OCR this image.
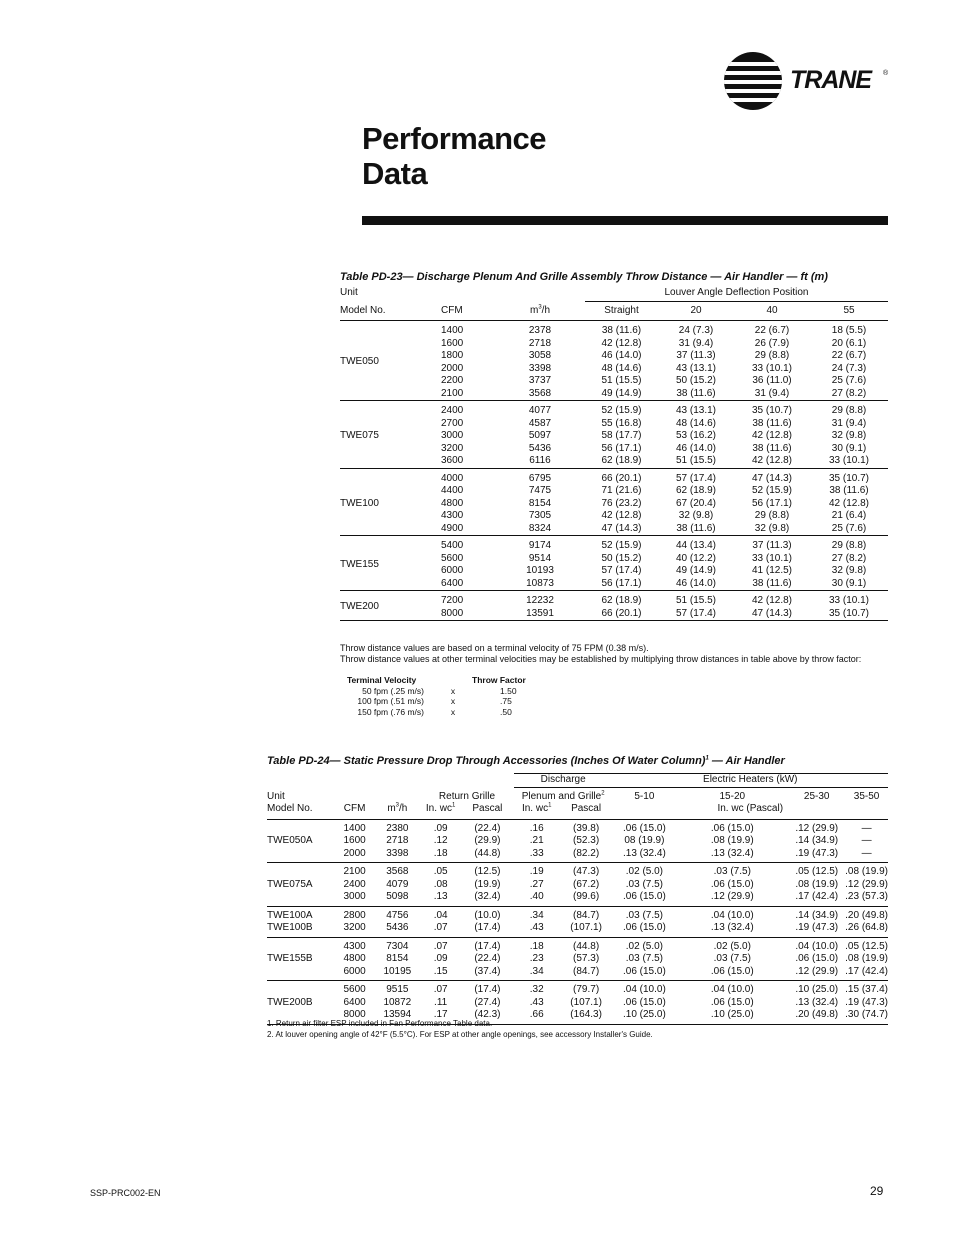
TRANE ®
Performance
Data
Table PD-23— Discharge Plenum And Grille Assembly Throw Distance — Air Handler — ft (m)
Unit			Louver Angle Deflection Position			
Model No.	CFM	$m^3/h$	Straight	20	40	55
TWE050	1400	2378	38 (11.6)	24 (7.3)	22 (6.7)	18 (5.5)
	1600	2718	42 (12.8)	31 (9.4)	26 (7.9)	20 (6.1)
	1800	3058	46 (14.0)	37 (11.3)	29 (8.8)	22 (6.7)
	2000	3398	48 (14.6)	43 (13.1)	33 (10.1)	24 (7.3)
	2200	3737	51 (15.5)	50 (15.2)	36 (11.0)	25 (7.6)
	2100	3568	49 (14.9)	38 (11.6)	31 (9.4)	27 (8.2)
TWE075	2400	4077	52 (15.9)	43 (13.1)	35 (10.7)	29 (8.8)
	2700	4587	55 (16.8)	48 (14.6)	38 (11.6)	31 (9.4)
	3000	5097	58 (17.7)	53 (16.2)	42 (12.8)	32 (9.8)
	3200	5436	56 (17.1)	46 (14.0)	38 (11.6)	30 (9.1)
	3600	6116	62 (18.9)	51 (15.5)	42 (12.8)	33 (10.1)
TWE100	4000	6795	66 (20.1)	57 (17.4)	47 (14.3)	35 (10.7)
	4400	7475	71 (21.6)	62 (18.9)	52 (15.9)	38 (11.6)
	4800	8154	76 (23.2)	67 (20.4)	56 (17.1)	42 (12.8)
	4300	7305	42 (12.8)	32 (9.8)	29 (8.8)	21 (6.4)
	4900	8324	47 (14.3)	38 (11.6)	32 (9.8)	25 (7.6)
TWE155	5400	9174	52 (15.9)	44 (13.4)	37 (11.3)	29 (8.8)
	5600	9514	50 (15.2)	40 (12.2)	33 (10.1)	27 (8.2)
	6000	10193	57 (17.4)	49 (14.9)	41 (12.5)	32 (9.8)
	6400	10873	56 (17.1)	46 (14.0)	38 (11.6)	30 (9.1)
TWE200	7200	12232	62 (18.9)	51 (15.5)	42 (12.8)	33 (10.1)
	8000	13591	66 (20.1)	57 (17.4)	47 (14.3)	35 (10.7)
Throw distance values are based on a terminal velocity of 75 FPM (0.38 m/s).
Throw distance values at other terminal velocities may be established by multiplying throw distances in table above by throw factor:
Terminal Velocity		Throw Factor
50 fpm (.25 m/s)	x	1.50
100 fpm (.51 m/s)	x	.75
150 fpm (.76 m/s)	x	.50
Table PD-24— Static Pressure Drop Through Accessories (Inches Of Water Column)$^1$ — Air Handler
					Discharge		Electric Heaters (kW)			
Unit			Return Grille		Plenum and Grille$^2$		5-10	15-20	25-30	35-50
Model No.	CFM	$m^3/h$	In. $wc^1$	Pascal	In. $wc^1$	Pascal	In. wc (Pascal)			
	1400	2380	.09	(22.4)	.16	(39.8)	.06 (15.0)	.06 (15.0)	.12 (29.9)	—
TWE050A	1600	2718	.12	(29.9)	.21	(52.3)	08 (19.9)	.08 (19.9)	.14 (34.9)	—
	2000	3398	.18	(44.8)	.33	(82.2)	.13 (32.4)	.13 (32.4)	.19 (47.3)	—
	2100	3568	.05	(12.5)	.19	(47.3)	.02 (5.0)	.03 (7.5)	.05 (12.5)	.08 (19.9)
TWE075A	2400	4079	.08	(19.9)	.27	(67.2)	.03 (7.5)	.06 (15.0)	.08 (19.9)	.12 (29.9)
	3000	5098	.13	(32.4)	.40	(99.6)	.06 (15.0)	.12 (29.9)	.17 (42.4)	.23 (57.3)
TWE100A	2800	4756	.04	(10.0)	.34	(84.7)	.03 (7.5)	.04 (10.0)	.14 (34.9)	.20 (49.8)
TWE100B	3200	5436	.07	(17.4)	.43	(107.1)	.06 (15.0)	.13 (32.4)	.19 (47.3)	.26 (64.8)
	4300	7304	.07	(17.4)	.18	(44.8)	.02 (5.0)	.02 (5.0)	.04 (10.0)	.05 (12.5)
TWE155B	4800	8154	.09	(22.4)	.23	(57.3)	.03 (7.5)	.03 (7.5)	.06 (15.0)	.08 (19.9)
	6000	10195	.15	(37.4)	.34	(84.7)	.06 (15.0)	.06 (15.0)	.12 (29.9)	.17 (42.4)
	5600	9515	.07	(17.4)	.32	(79.7)	.04 (10.0)	.04 (10.0)	.10 (25.0)	.15 (37.4)
TWE200B	6400	10872	.11	(27.4)	.43	(107.1)	.06 (15.0)	.06 (15.0)	.13 (32.4)	.19 (47.3)
	8000	13594	.17	(42.3)	.66	(164.3)	.10 (25.0)	.10 (25.0)	.20 (49.8)	.30 (74.7)
1. Return air filter ESP included in Fan Performance Table data.
2. At louver opening angle of 42°F (5.5°C). For ESP at other angle openings, see accessory Installer's Guide.
SSP-PRC002-EN	29
